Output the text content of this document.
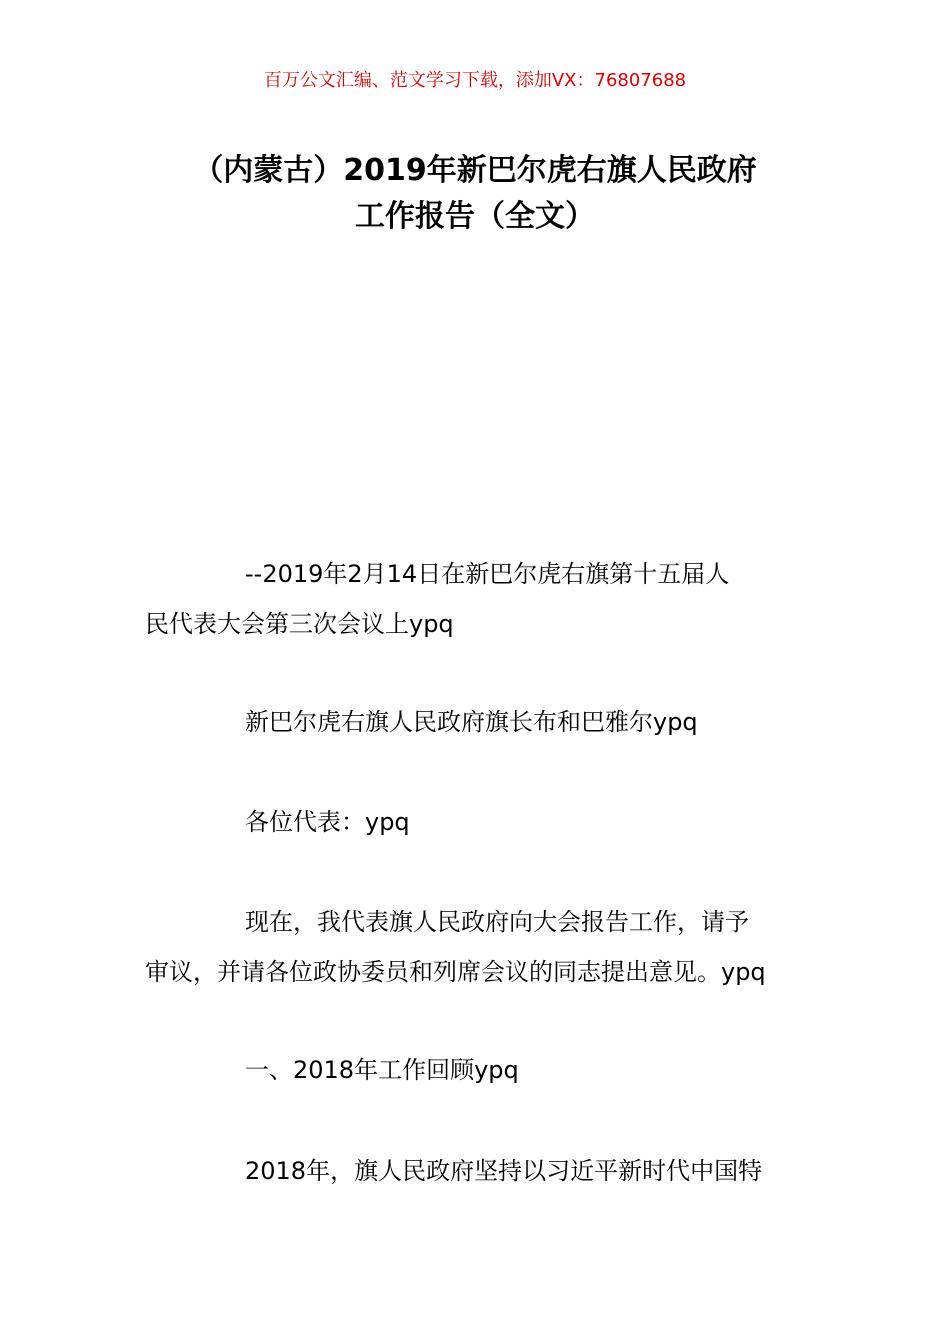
百万公文汇编、范文学习下载，添加VX：76807688
（内蒙古）2019年新巴尔虎右旗人民政府
工作报告（全文）

--2019年2月14日在新巴尔虎右旗第十五届人
民代表大会第三次会议上ypq

新巴尔虎右旗人民政府旗长布和巴雅尔ypq

各位代表：ypq

现在，我代表旗人民政府向大会报告工作，请予
审议，并请各位政协委员和列席会议的同志提出意见。ypq

一、2018年工作回顾ypq

2018年，旗人民政府坚持以习近平新时代中国特
